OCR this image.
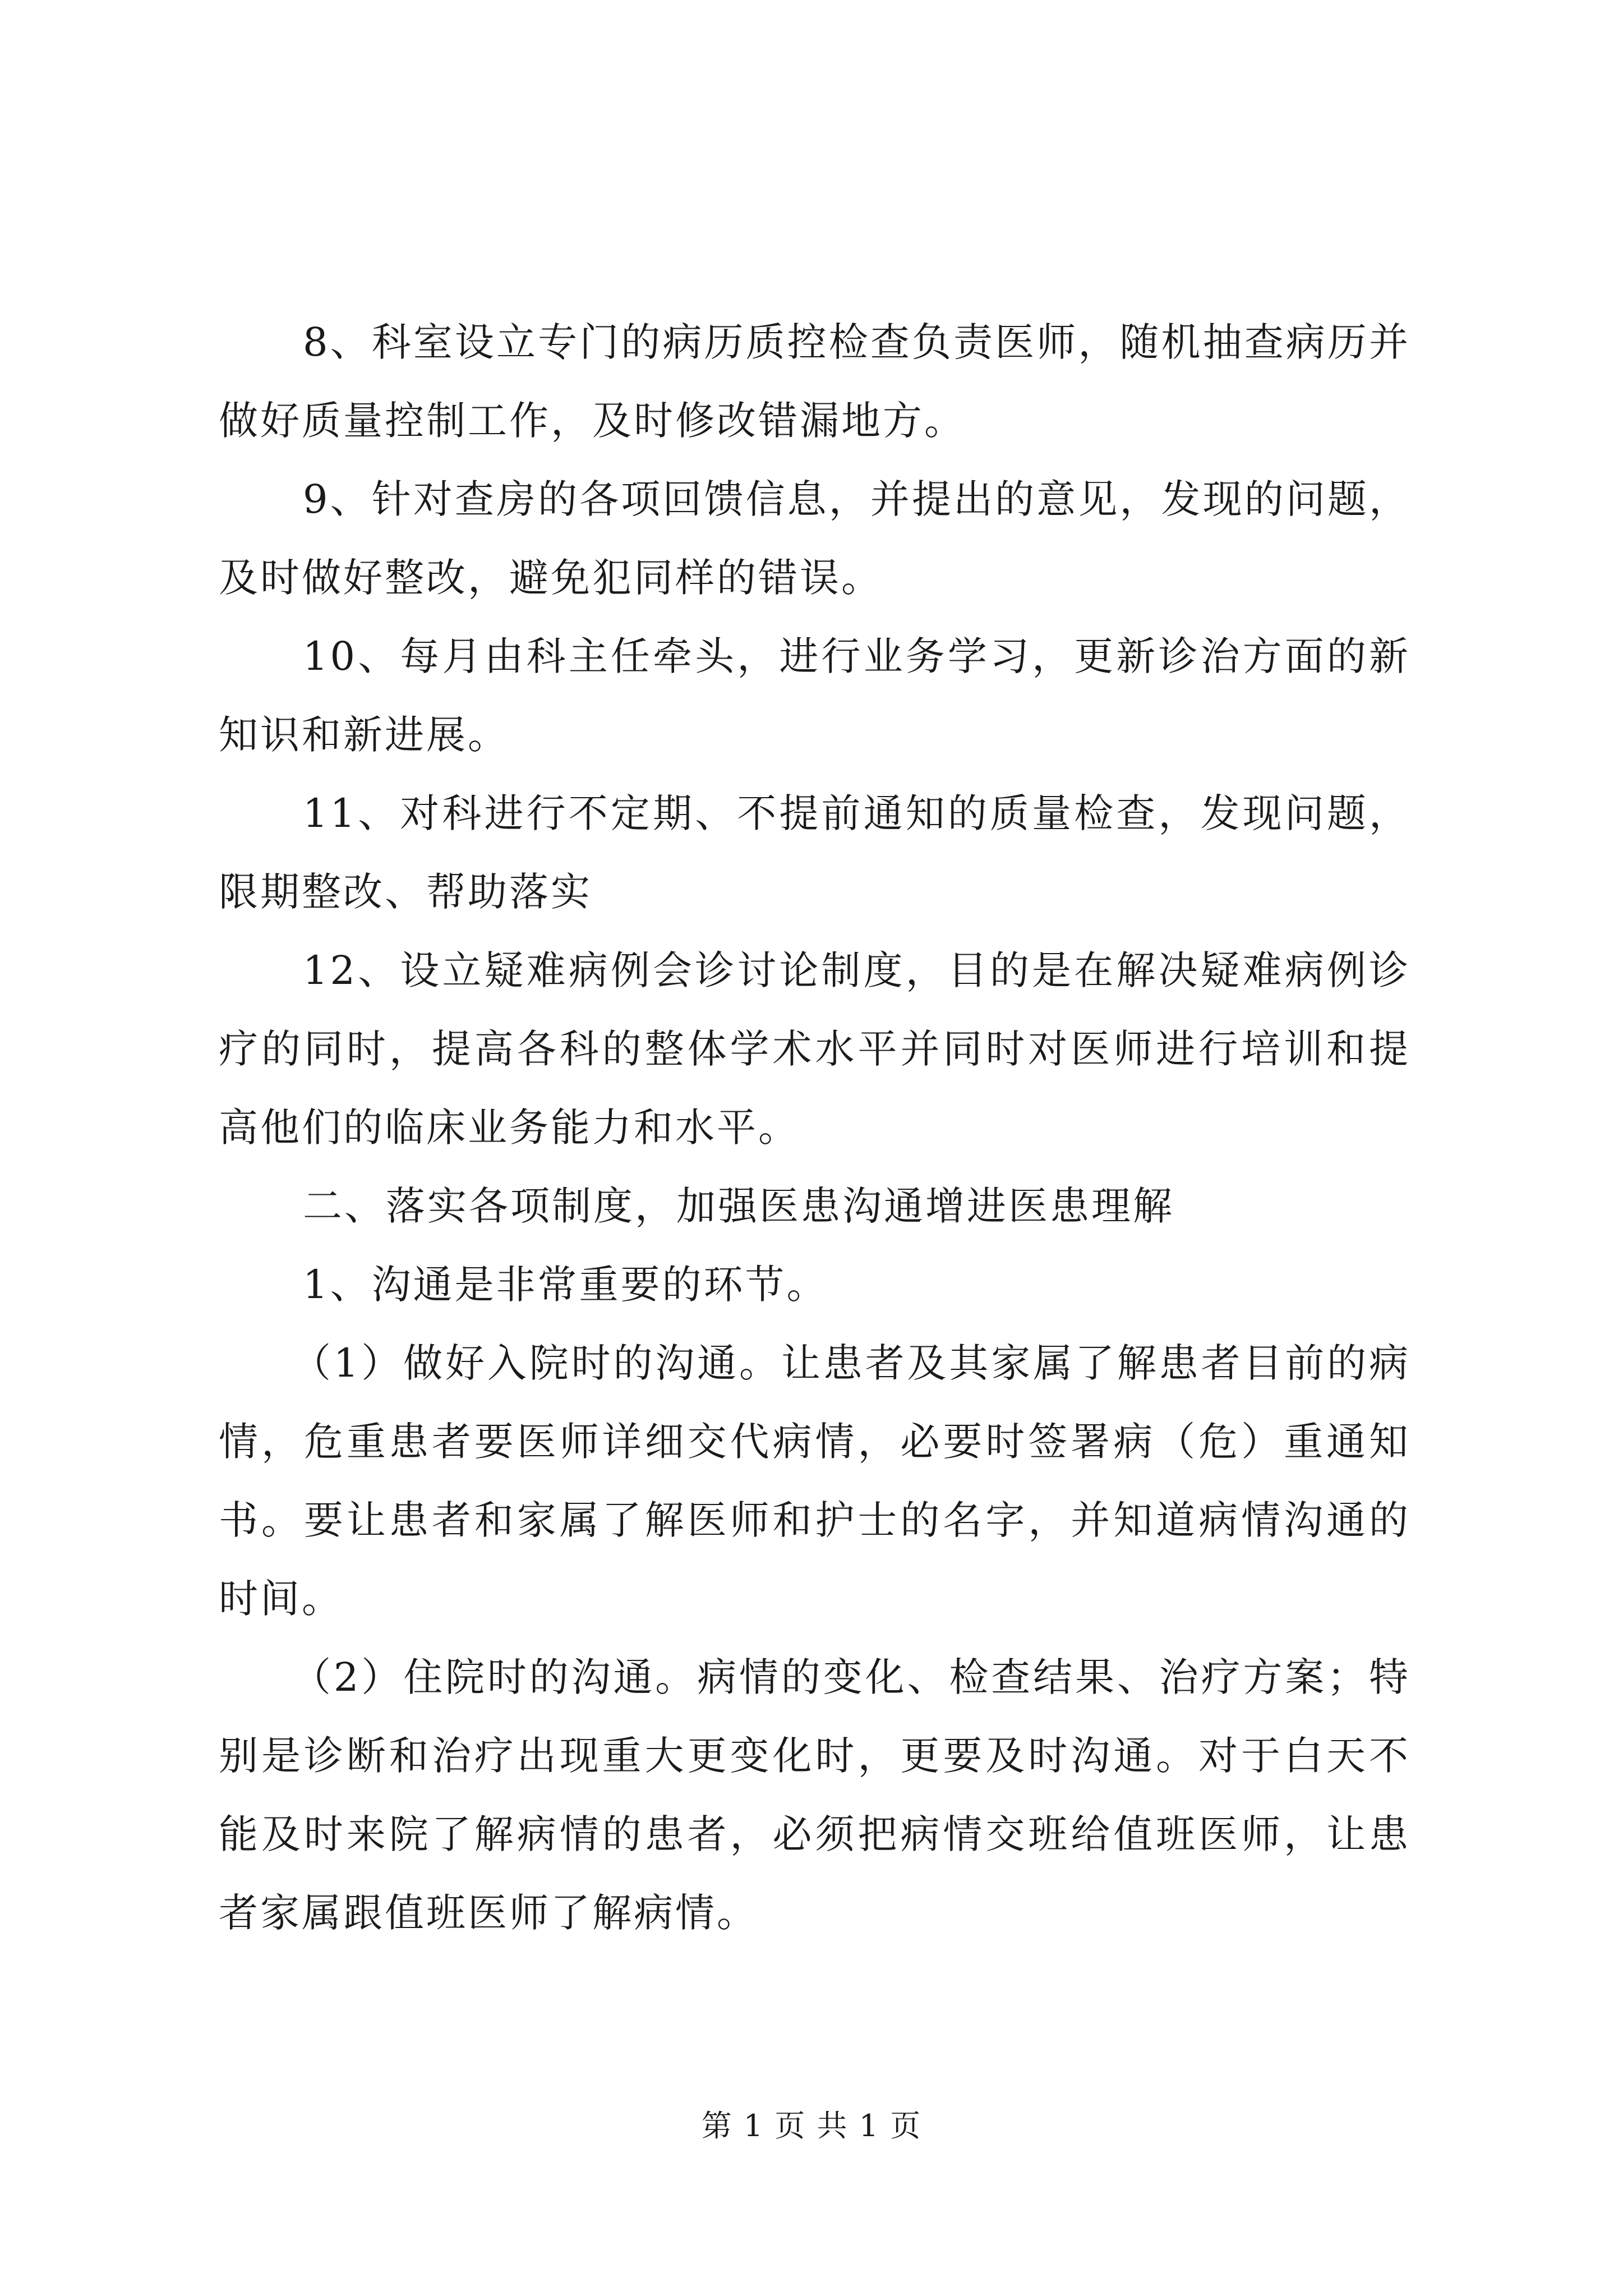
8、科室设立专门的病历质控检查负责医师，随机抽查病历并做好质量控制工作，及时修改错漏地方。

9、针对查房的各项回馈信息，并提出的意见，发现的问题，及时做好整改，避免犯同样的错误。

10、每月由科主任牵头，进行业务学习，更新诊治方面的新知识和新进展。

11、对科进行不定期、不提前通知的质量检查，发现问题，限期整改、帮助落实

12、设立疑难病例会诊讨论制度，目的是在解决疑难病例诊疗的同时，提高各科的整体学术水平并同时对医师进行培训和提高他们的临床业务能力和水平。

二、落实各项制度，加强医患沟通增进医患理解

1、沟通是非常重要的环节。

（1）做好入院时的沟通。让患者及其家属了解患者目前的病情，危重患者要医师详细交代病情，必要时签署病（危）重通知书。要让患者和家属了解医师和护士的名字，并知道病情沟通的时间。

（2）住院时的沟通。病情的变化、检查结果、治疗方案；特别是诊断和治疗出现重大更变化时，更要及时沟通。对于白天不能及时来院了解病情的患者，必须把病情交班给值班医师，让患者家属跟值班医师了解病情。

第 1 页 共 1 页
